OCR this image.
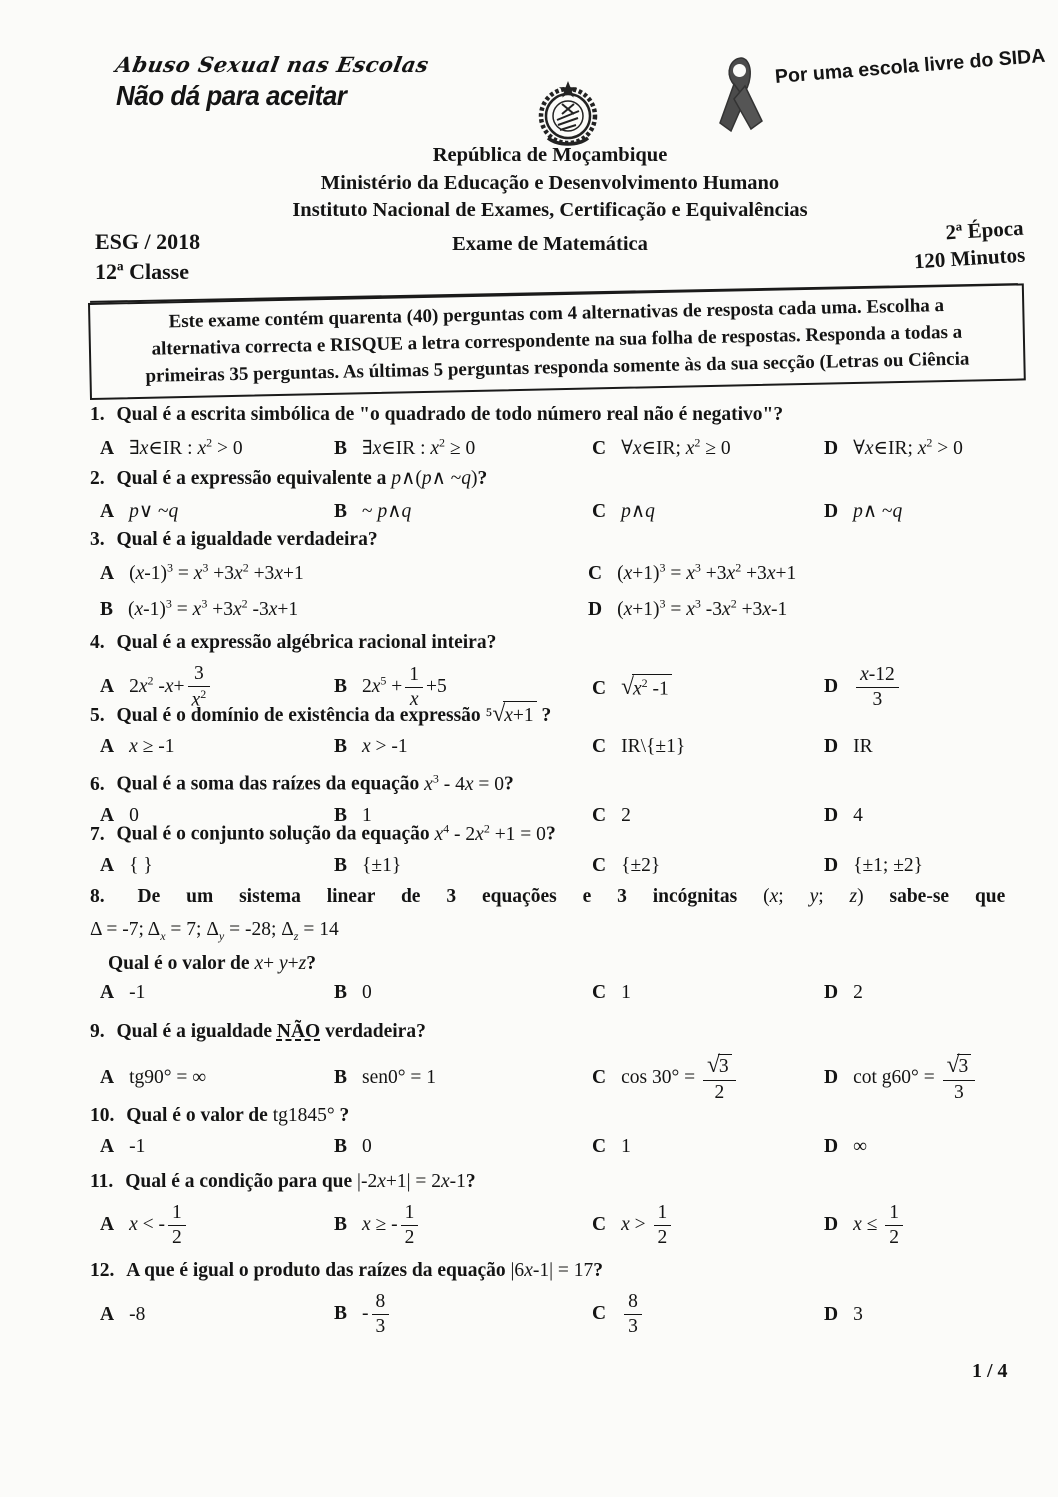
Abuso Sexual nas Escolas
Não dá para aceitar
Por uma escola livre do SIDA
República de Moçambique
Ministério da Educação e Desenvolvimento Humano
Instituto Nacional de Exames, Certificação e Equivalências
ESG / 2018
12ª Classe
Exame de Matemática	2ª Época
120 Minutos
Este exame contém quarenta (40) perguntas com 4 alternativas de resposta cada uma. Escolha a
alternativa correcta e RISQUE a letra correspondente na sua folha de respostas. Responda a todas a
primeiras 35 perguntas. As últimas 5 perguntas responda somente às da sua secção (Letras ou Ciência
1. Qual é a escrita simbólica de "o quadrado de todo número real não é negativo"?
A ∃x∈IR : $x^2 > 0$	B ∃x∈IR : $x^2 \ge 0$	C ∀x∈IR; $x^2 \ge 0$	D ∀x∈IR; $x^2 > 0$
2. Qual é a expressão equivalente a p∧(p∧ ~q)?
A p∨ ~q	B ~ p∧q	C p∧q	D p∧ ~q
3. Qual é a igualdade verdadeira?
A $(x-1)^3 = x^3 +3x^2 +3x+1$
B $(x-1)^3 = x^3 +3x^2$ -3x+1
C $(x+1)^3 = x^3 +3x^2 +3x+1$
D $(x+1)^3 = x^3$ $-3x^2 +3x-1$
4. Qual é a expressão algébrica racional inteira?
A $2x^2$ $-x+ \frac{3}{x^2}$	B $2x^5 + \frac{1}{x} +5$	C $√x^2$ -1	D $\frac{x-12}{3}$
5. Qual é o domínio de existência da expressão ⁵√x+1 ?
A x ≥ -1	B x > -1	C IR\{±1}	D IR
6. Qual é a soma das raízes da equação $x^3 - 4x = 0$?
A 0	B 1	C 2	D 4
7. Qual é o conjunto solução da equação $x^4 - 2x^2 +1 = 0$?
A { }	B {±1}	C {±2}	D {±1; ±2}
8. De um sistema linear de 3 equações e 3 incógnitas (x; y; z) sabe-se que
Δ = -7; $\Delta_x = 7$; $\Delta_y = -28$; $\Delta_z = 14$
Qual é o valor de x+ y+z?
A -1	B 0	C 1	D 2
9. Qual é a igualdade NÃO verdadeira?
A tg90° = ∞	B sen0° = 1	C $\cos 30^\circ = \frac{√3}{2}$	D $\cot g60^\circ = \frac{√3}{3}$
10. Qual é o valor de tg1845° ?
A -1	B 0	C 1	D ∞
11. Qual é a condição para que |-2x+1| = 2x-1?
A x < - $\frac{1}{2}$	B x ≥ - $\frac{1}{2}$	C $x > \frac{1}{2}$	D $x \le \frac{1}{2}$
12. A que é igual o produto das raízes da equação |6x-1| = 17?
A -8	B - $\frac{8}{3}$	C $\frac{8}{3}$	D 3
1 / 4
